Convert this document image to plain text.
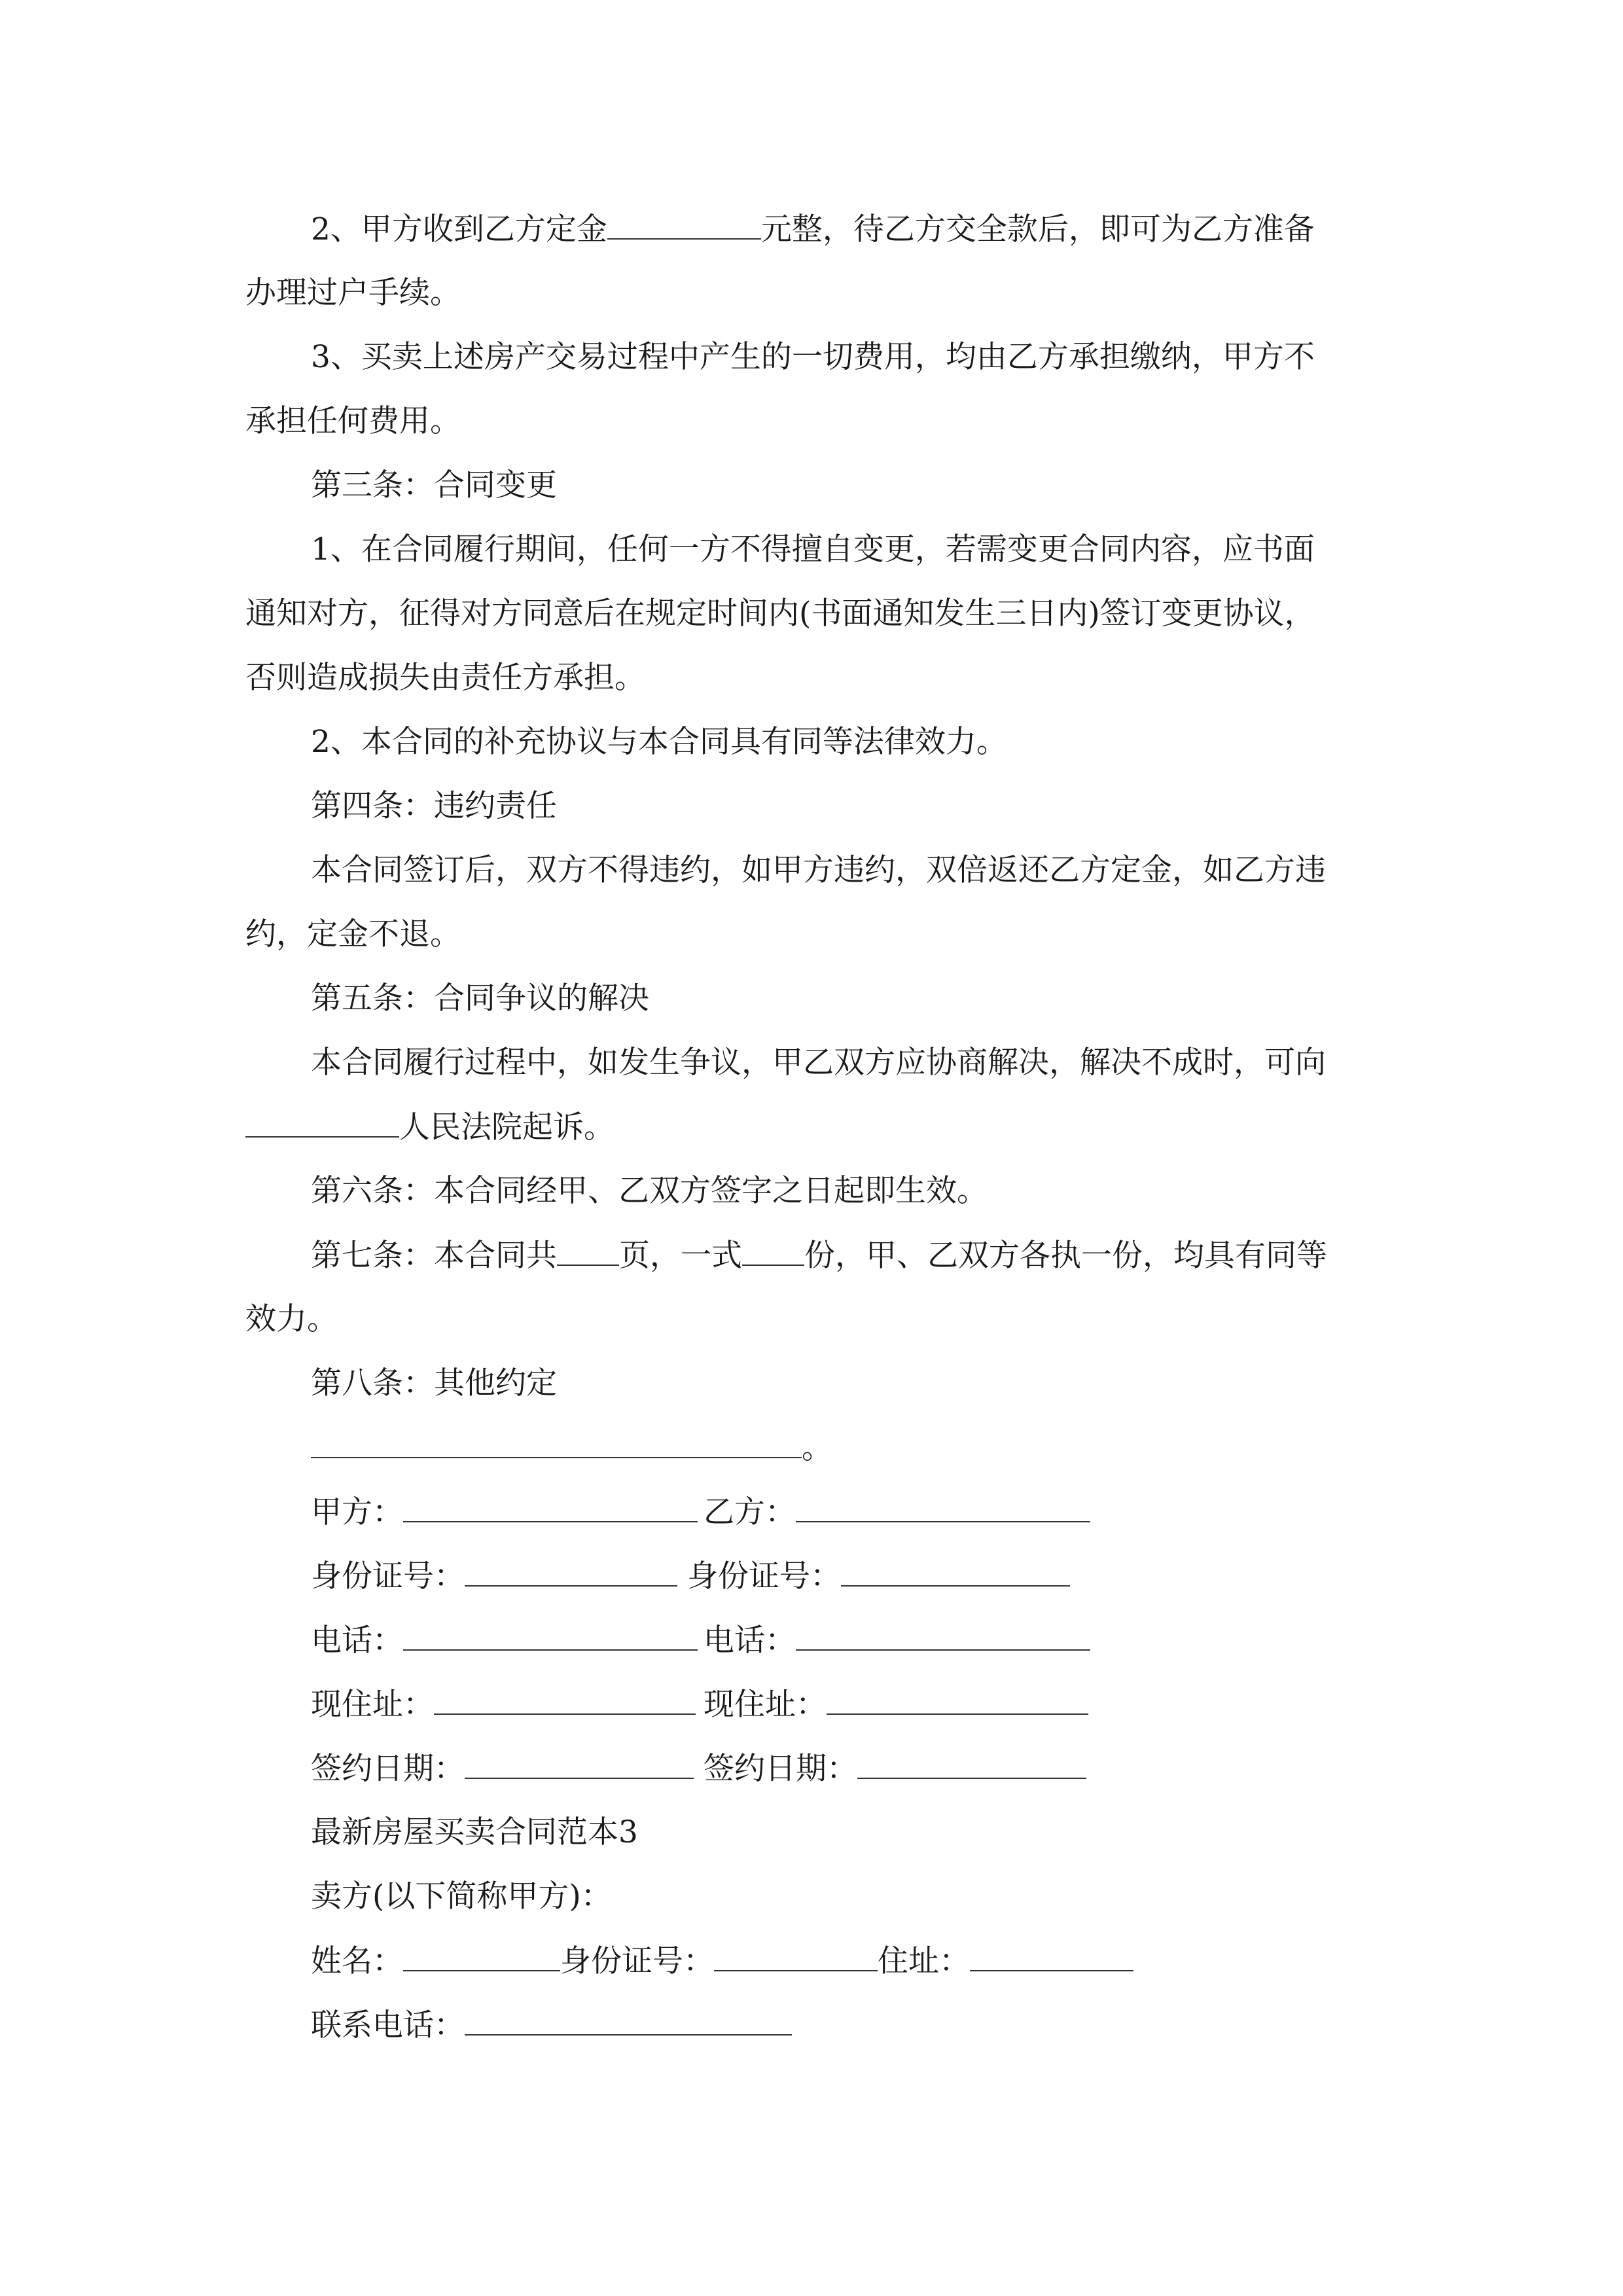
2、甲方收到乙方定金	元整，待乙方交全款后，即可为乙方准备
办理过户手续。
3、买卖上述房产交易过程中产生的一切费用，均由乙方承担缴纳，甲方不
承担任何费用。
第三条：合同变更
1、在合同履行期间，任何一方不得擅自变更，若需变更合同内容，应书面
通知对方，征得对方同意后在规定时间内(书面通知发生三日内)签订变更协议，
否则造成损失由责任方承担。
2、本合同的补充协议与本合同具有同等法律效力。
第四条：违约责任
本合同签订后，双方不得违约，如甲方违约，双倍返还乙方定金，如乙方违
约，定金不退。
第五条：合同争议的解决
本合同履行过程中，如发生争议，甲乙双方应协商解决，解决不成时，可向
人民法院起诉。
第六条：本合同经甲、乙双方签字之日起即生效。
第七条：本合同共 页，一式 份，甲、乙双方各执一份，均具有同等
效力。
第八条：其他约定
。
甲方：	乙方：
身份证号：	身份证号：
电话：	电话：
现住址：	现住址：
签约日期：	签约日期：
最新房屋买卖合同范本3
卖方(以下简称甲方)：
姓名：	身份证号：	住址：
联系电话：
